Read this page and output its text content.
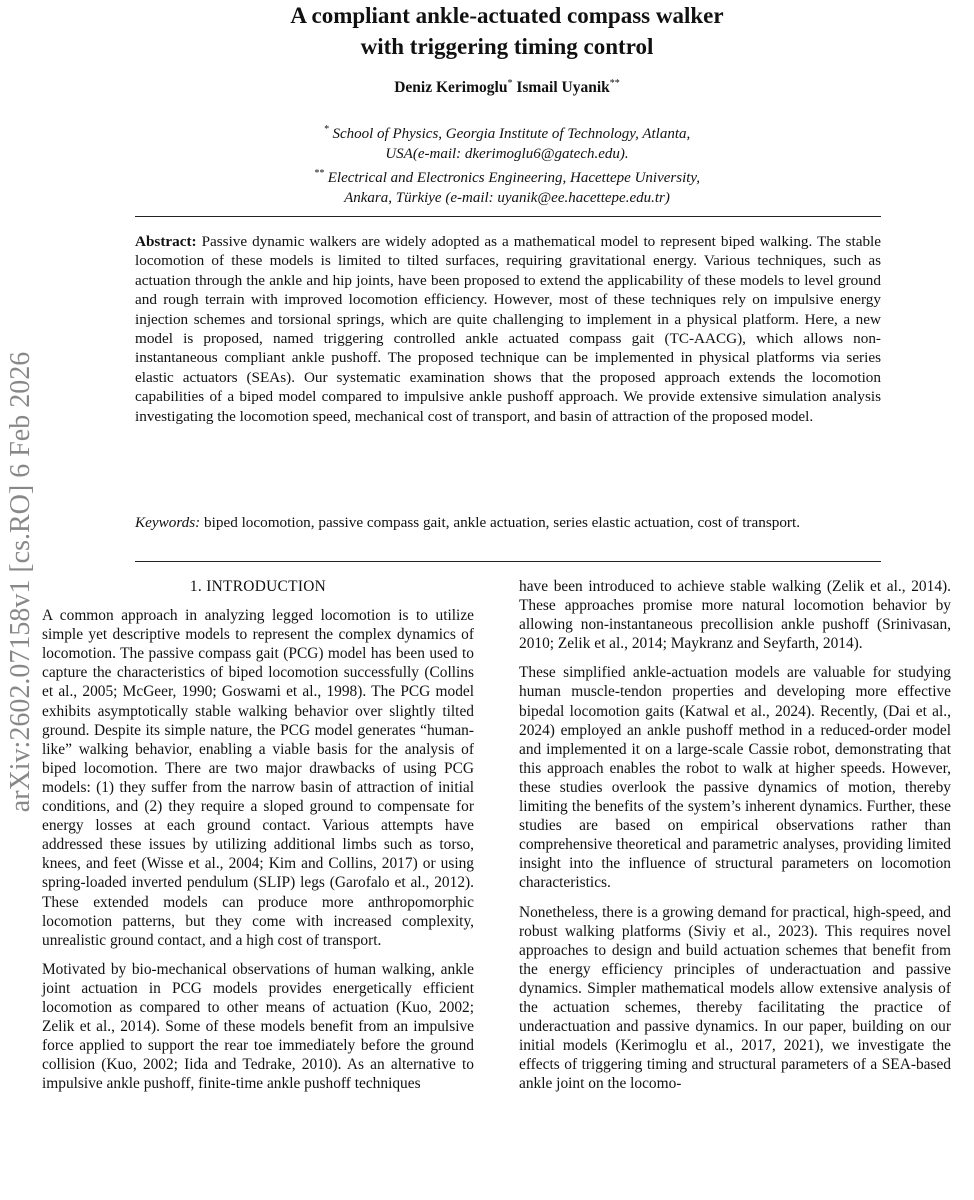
arXiv:2602.07158v1 [cs.RO] 6 Feb 2026
A compliant ankle-actuated compass walker
with triggering timing control
Deniz Kerimoglu* Ismail Uyanik**
* School of Physics, Georgia Institute of Technology, Atlanta,
USA(e-mail: dkerimoglu6@gatech.edu).
** Electrical and Electronics Engineering, Hacettepe University,
Ankara, Türkiye (e-mail: uyanik@ee.hacettepe.edu.tr)
Abstract: Passive dynamic walkers are widely adopted as a mathematical model to represent biped walking. The stable locomotion of these models is limited to tilted surfaces, requiring gravitational energy. Various techniques, such as actuation through the ankle and hip joints, have been proposed to extend the applicability of these models to level ground and rough terrain with improved locomotion efficiency. However, most of these techniques rely on impulsive energy injection schemes and torsional springs, which are quite challenging to implement in a physical platform. Here, a new model is proposed, named triggering controlled ankle actuated compass gait (TC-AACG), which allows non-instantaneous compliant ankle pushoff. The proposed technique can be implemented in physical platforms via series elastic actuators (SEAs). Our systematic examination shows that the proposed approach extends the locomotion capabilities of a biped model compared to impulsive ankle pushoff approach. We provide extensive simulation analysis investigating the locomotion speed, mechanical cost of transport, and basin of attraction of the proposed model.
Keywords: biped locomotion, passive compass gait, ankle actuation, series elastic actuation, cost of transport.
1. INTRODUCTION

A common approach in analyzing legged locomotion is to utilize simple yet descriptive models to represent the complex dynamics of locomotion. The passive compass gait (PCG) model has been used to capture the characteristics of biped locomotion successfully (Collins et al., 2005; McGeer, 1990; Goswami et al., 1998). The PCG model exhibits asymptotically stable walking behavior over slightly tilted ground. Despite its simple nature, the PCG model generates “human-like” walking behavior, enabling a viable basis for the analysis of biped locomotion. There are two major drawbacks of using PCG models: (1) they suffer from the narrow basin of attraction of initial conditions, and (2) they require a sloped ground to compensate for energy losses at each ground contact. Various attempts have addressed these issues by utilizing additional limbs such as torso, knees, and feet (Wisse et al., 2004; Kim and Collins, 2017) or using spring-loaded inverted pendulum (SLIP) legs (Garofalo et al., 2012). These extended models can produce more anthropomorphic locomotion patterns, but they come with increased complexity, unrealistic ground contact, and a high cost of transport.

Motivated by bio-mechanical observations of human walking, ankle joint actuation in PCG models provides energetically efficient locomotion as compared to other means of actuation (Kuo, 2002; Zelik et al., 2014). Some of these models benefit from an impulsive force applied to support the rear toe immediately before the ground collision (Kuo, 2002; Iida and Tedrake, 2010). As an alternative to impulsive ankle pushoff, finite-time ankle pushoff techniques

have been introduced to achieve stable walking (Zelik et al., 2014). These approaches promise more natural locomotion behavior by allowing non-instantaneous precollision ankle pushoff (Srinivasan, 2010; Zelik et al., 2014; Maykranz and Seyfarth, 2014).

These simplified ankle-actuation models are valuable for studying human muscle-tendon properties and developing more effective bipedal locomotion gaits (Katwal et al., 2024). Recently, (Dai et al., 2024) employed an ankle pushoff method in a reduced-order model and implemented it on a large-scale Cassie robot, demonstrating that this approach enables the robot to walk at higher speeds. However, these studies overlook the passive dynamics of motion, thereby limiting the benefits of the system’s inherent dynamics. Further, these studies are based on empirical observations rather than comprehensive theoretical and parametric analyses, providing limited insight into the influence of structural parameters on locomotion characteristics.

Nonetheless, there is a growing demand for practical, high-speed, and robust walking platforms (Siviy et al., 2023). This requires novel approaches to design and build actuation schemes that benefit from the energy efficiency principles of underactuation and passive dynamics. Simpler mathematical models allow extensive analysis of the actuation schemes, thereby facilitating the practice of underactuation and passive dynamics. In our paper, building on our initial models (Kerimoglu et al., 2017, 2021), we investigate the effects of triggering timing and structural parameters of a SEA-based ankle joint on the locomo-
